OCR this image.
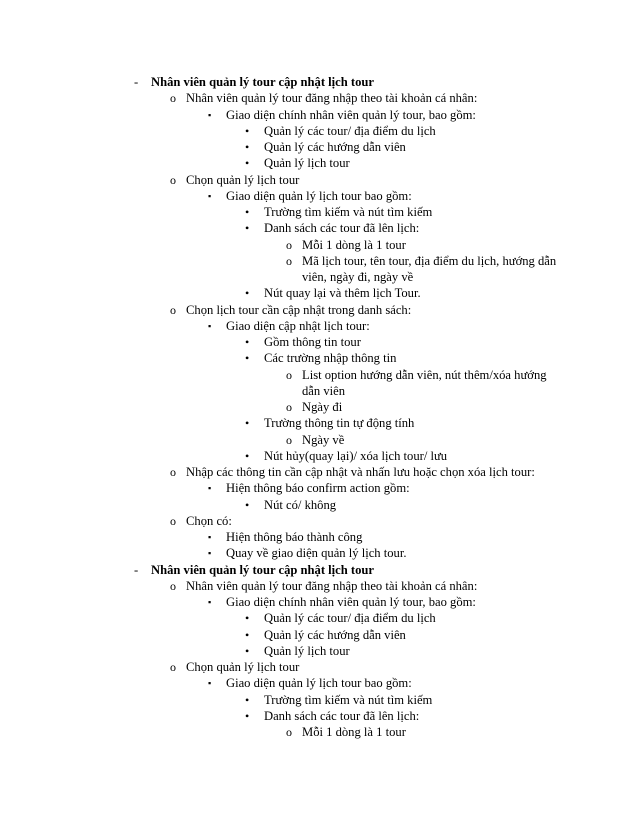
- Nhân viên quản lý tour cập nhật lịch tour
o Nhân viên quản lý tour đăng nhập theo tài khoản cá nhân:
▪ Giao diện chính nhân viên quản lý tour, bao gồm:
• Quản lý các tour/ địa điểm du lịch
• Quản lý các hướng dẫn viên
• Quản lý lịch tour
o Chọn quản lý lịch tour
▪ Giao diện quản lý lịch tour bao gồm:
• Trường tìm kiếm và nút tìm kiếm
• Danh sách các tour đã lên lịch:
o Mỗi 1 dòng là 1 tour
o Mã lịch tour, tên tour, địa điểm du lịch, hướng dẫn
viên, ngày đi, ngày về
• Nút quay lại và thêm lịch Tour.
o Chọn lịch tour cần cập nhật trong danh sách:
▪ Giao diện cập nhật lịch tour:
• Gồm thông tin tour
• Các trường nhập thông tin
o List option hướng dẫn viên, nút thêm/xóa hướng
dẫn viên
o Ngày đi
• Trường thông tin tự động tính
o Ngày về
• Nút hủy(quay lại)/ xóa lịch tour/ lưu
o Nhập các thông tin cần cập nhật và nhấn lưu hoặc chọn xóa lịch tour:
▪ Hiện thông báo confirm action gồm:
• Nút có/ không
o Chọn có:
▪ Hiện thông báo thành công
▪ Quay về giao diện quản lý lịch tour.
- Nhân viên quản lý tour cập nhật lịch tour
o Nhân viên quản lý tour đăng nhập theo tài khoản cá nhân:
▪ Giao diện chính nhân viên quản lý tour, bao gồm:
• Quản lý các tour/ địa điểm du lịch
• Quản lý các hướng dẫn viên
• Quản lý lịch tour
o Chọn quản lý lịch tour
▪ Giao diện quản lý lịch tour bao gồm:
• Trường tìm kiếm và nút tìm kiếm
• Danh sách các tour đã lên lịch:
o Mỗi 1 dòng là 1 tour
